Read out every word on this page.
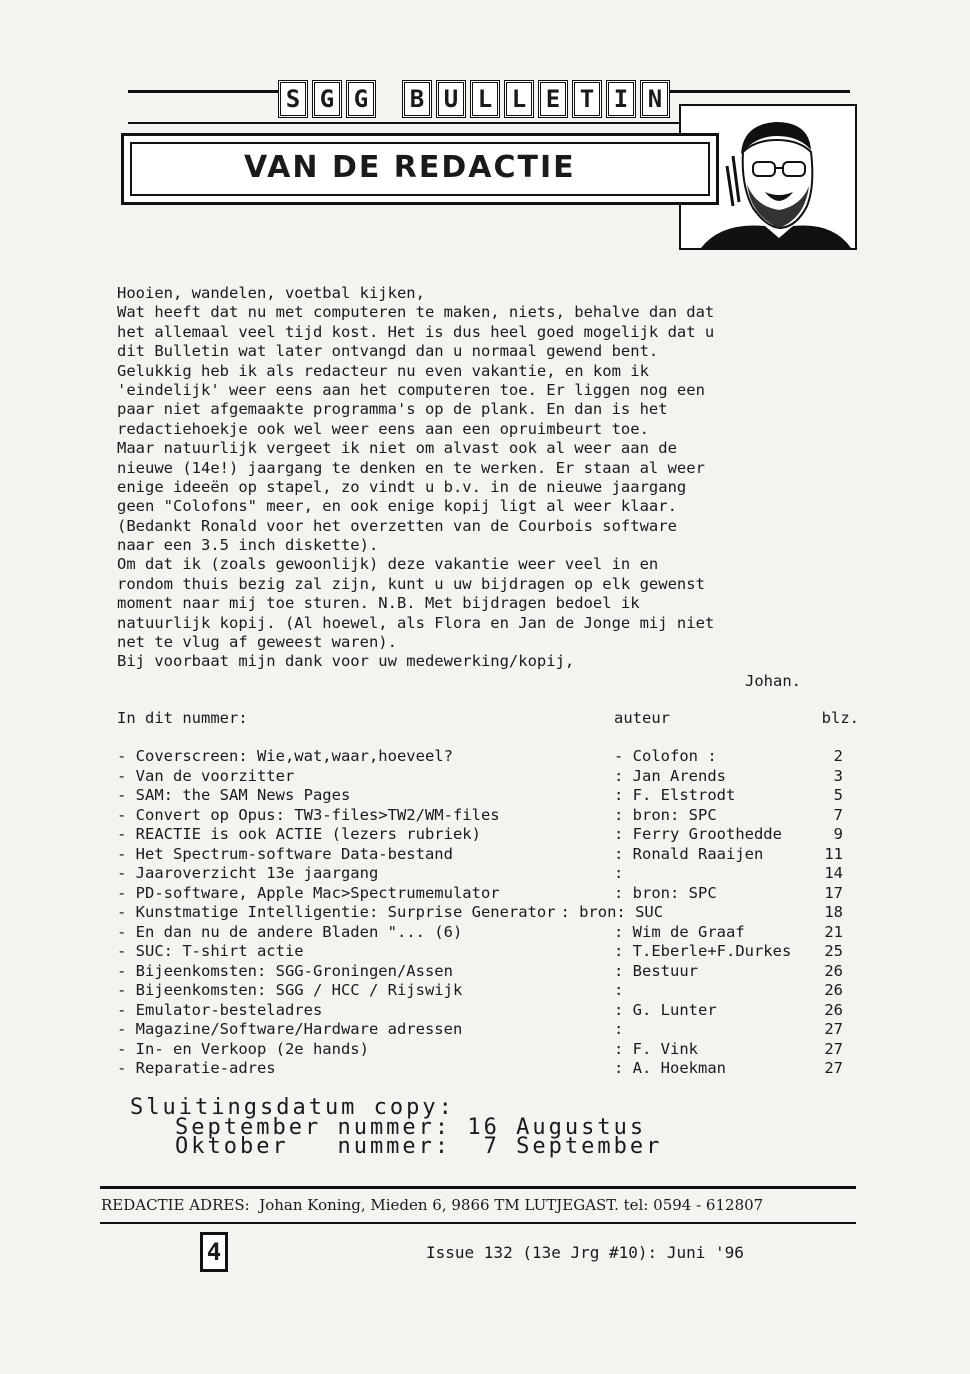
S G G	B U L L E T I N
VAN DE REDACTIE
Hooien, wandelen, voetbal kijken,
Wat heeft dat nu met computeren te maken, niets, behalve dan dat
het allemaal veel tijd kost. Het is dus heel goed mogelijk dat u
dit Bulletin wat later ontvangd dan u normaal gewend bent.
Gelukkig heb ik als redacteur nu even vakantie, en kom ik
'eindelijk' weer eens aan het computeren toe. Er liggen nog een
paar niet afgemaakte programma's op de plank. En dan is het
redactiehoekje ook wel weer eens aan een opruimbeurt toe.
Maar natuurlijk vergeet ik niet om alvast ook al weer aan de
nieuwe (14e!) jaargang te denken en te werken. Er staan al weer
enige ideeën op stapel, zo vindt u b.v. in de nieuwe jaargang
geen "Colofons" meer, en ook enige kopij ligt al weer klaar.
(Bedankt Ronald voor het overzetten van de Courbois software
naar een 3.5 inch diskette).
Om dat ik (zoals gewoonlijk) deze vakantie weer veel in en
rondom thuis bezig zal zijn, kunt u uw bijdragen op elk gewenst
moment naar mij toe sturen. N.B. Met bijdragen bedoel ik
natuurlijk kopij. (Al hoewel, als Flora en Jan de Jonge mij niet
net te vlug af geweest waren).
Bij voorbaat mijn dank voor uw medewerking/kopij,
Johan.
In dit nummer:	auteur	blz.
- Coverscreen: Wie,wat,waar,hoeveel?	- Colofon :	2
- Van de voorzitter	: Jan Arends	3
- SAM: the SAM News Pages	: F. Elstrodt	5
- Convert op Opus: TW3-files>TW2/WM-files	: bron: SPC	7
- REACTIE is ook ACTIE (lezers rubriek)	: Ferry Groothedde	9
- Het Spectrum-software Data-bestand	: Ronald Raaijen	11
- Jaaroverzicht 13e jaargang	:	14
- PD-software, Apple Mac>Spectrumemulator	: bron: SPC	17
- Kunstmatige Intelligentie: Surprise Generator : bron: SUC	18
- En dan nu de andere Bladen "... (6)	: Wim de Graaf	21
- SUC: T-shirt actie	: T.Eberle+F.Durkes 25
- Bijeenkomsten: SGG-Groningen/Assen	: Bestuur	26
- Bijeenkomsten: SGG / HCC / Rijswijk	:	26
- Emulator-besteladres	: G. Lunter	26
- Magazine/Software/Hardware adressen	:	27
- In- en Verkoop (2e hands)	: F. Vink	27
- Reparatie-adres	: A. Hoekman	27
Sluitingsdatum copy:
September nummer: 16 Augustus
Oktober   nummer:  7 September
REDACTIE ADRES:  Johan Koning, Mieden 6, 9866 TM LUTJEGAST. tel: 0594 - 612807
4	Issue 132 (13e Jrg #10): Juni '96
